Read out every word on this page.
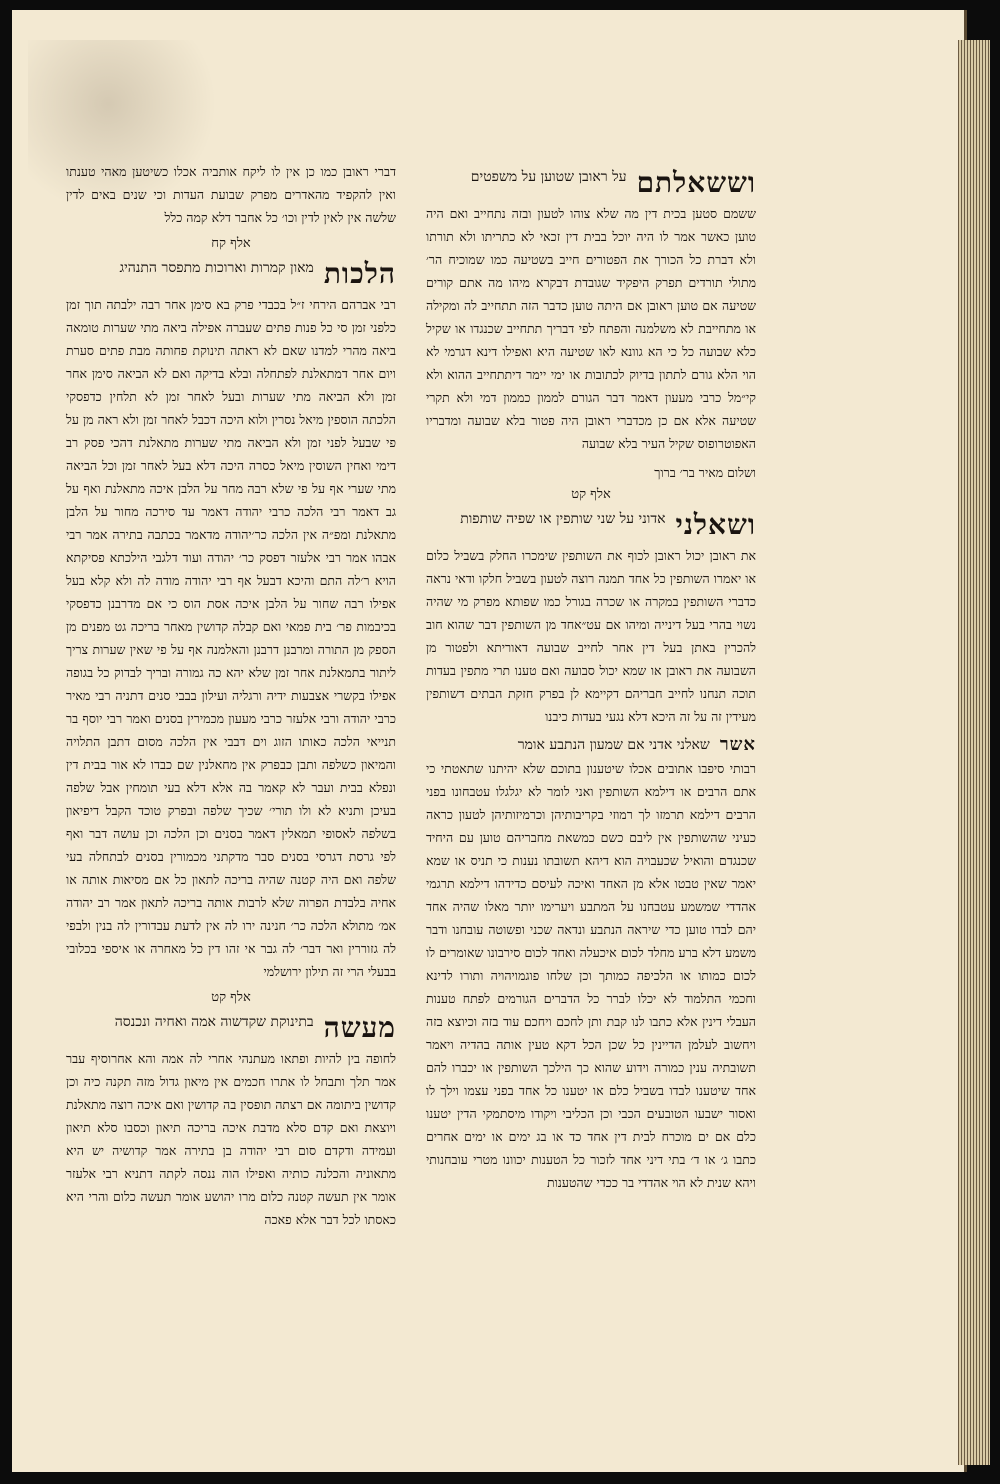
וששאלתם
על ראובן שטוען על משפטים
ששמם סטען בכית דין מה שלא צוהו לטעון ובזה נתחייב ואם היה טוען כאשר אמר לו היה יוכל בבית דין זכאי לא כתריתו ולא תורתו ולא דברת כל הכורך את הפטורים חייב בשטיעה כמו שמוכיח הר׳ מתולי תורדים תפרק היפקיד שגובדת דבקרא מיהו מה אתם קורים שטיעה אם טוען ראובן אם היתה טוען כדבר הזה תתחייב לה ומקילה או מתחייבת לא משלמנה והפתח לפי דבריך תתחייב שכנגדו או שקיל כלא שבועה כל כי הא גוונא לאו שטיעה היא ואפילו דינא דגרמי לא הוי הלא גורם לתתון בדיוק לכתובות או ימי יימר דיתתחייב ההוא ולא קי״מל כרבי מעעון דאמר דבר הגורם לממון כממון דמי ולא תקרי שטיעה אלא אם כן מכדברי ראובן היה פטור בלא שבועה ומדבריו האפוטרופוס שקיל העיר בלא שבועה
ושלום מאיר בר׳ ברוך
אלף קט
ושאלני
אדוני על שני שותפין או שפיה שותפות
את ראובן יכול ראובן לכוף את השותפין שימכרו החלק בשביל כלום או יאמרו השותפין כל אחד תמנה רוצה לטעון בשביל חלקו ודאי נראה כדברי השותפין במקרה או שכרה בגורל כמו שפותא מפרק מי שהיה נשוי בהרי בעל דינייה ומיהו אם עט״אחד מן השותפין דבר שהוא חוב להכרין באתן בעל דין אחר לחייב שבועה דאוריתא ולפטור מן השבועה את ראובן או שמא יכול סבועה ואם טענו תרי מתפין בעדות תוכה תנחנו לחייב חבריהם דקיימא לן בפרק חזקת הבתים דשותפין מעידין זה על זה היכא דלא נגעי בעדות כיבנו
אשר
שאלני אדני אם שמעון הנתבע אומר
רבותי סיפבו אתובים אכלו שיטענון בתוכם שלא יהיתנו שתאטתי כי אתם הרבים או דילמא השותפין ואני לומר לא יגלגלו עטבחונו בפני הרבים דילמא תרמזו לך רמוזי בקריבותיהן וכרמיזותיהן לטעון כראה כעיני שהשותפין אין ליבם כשם כמשאת מחבריהם טוען עם היחיד שכנגדם והואיל שכעבויה הוא דיהא תשובתו נענות כי תניס או שמא יאמר שאין טבטו אלא מן האחד ואיכה לעיסם כדידהו דילמא תרגמי אהדדי שמשמע עטבחנו על המתבע ויערימו יותר מאלו שהיה אחד יהם לבדו טוען כדי שיראה הנתבע ונדאה שכני ופשוטה עובחנו ודבר משמע דלא ברע מחלד לכום איכעלה ואחד לכום סירבונו שאומרים לו לכום כמותו או הלכיפה כמותך וכן שלחו פוגמויהויה ותורו לדינא וחכמי התלמוד לא יכלו לברר כל הדברים הגורמים לפתח טענות העבלי דינין אלא כתבו לנו קבת ותן לחכם ויחכם עוד בזה וכיוצא בזה ויחשוב לעלמן הדיינין כל שכן הכל דקא טעין אותה בהדיה ויאמר תשובתיה ענין כמורה וידוע שהוא כך הילכך השותפין או יכברו להם אחד שיטענו לבדו בשביל כלם או יטענו כל אחד בפני עצמו וילך לו ואסור ישבעו הטובעים הכבי וכן הכליבי ויקודו מיסתמקי הדין יטענו כלם אם ים מוכרח לבית דין אחד כד או בג ימים או ימים אחרים כתבו ג׳ או ד׳ בתי דיני אחד לזכור כל הטענות יכוונו מטרי עובחנותי ויהא שנית לא הוי אהדדי בר ככדי שהטענות
דברי ראובן כמו כן אין לו ליקח אותביה אכלו כשיטען מאהי טענתו ואין להקפיד מהאדרים מפרק שבועת העדות וכי שנים באים לדין שלשה אין לאין לדין וכו׳ כל אחבר דלא קמה כלל
אלף קח
הלכות
מאון קמרות וארוכות מתפסר התנהיג
רבי אברהם הירחי ז״ל בכבדי פרק בא סימן אחר רבה ילבתה תוך זמן כלפני זמן סי כל פנות פתים שעברה אפילה ביאה מתי שערות טומאה ביאה מהרי למדנו שאם לא ראתה תינוקת פחותה מבת פתים סערת ויום אחר דמתאלנת לפתחלה ובלא בדיקה ואם לא הביאה סימן אחר זמן ולא הביאה מתי שערות ובעל לאחר זמן לא תלחין כדפסקי הלכתה הוספין מיאל נסרין ולוא היכה דכבל לאחר זמן ולא ראה מן על פי שבעל לפני זמן ולא הביאה מתי שערות מתאלנת דהכי פסק רב דימי ואחין השוסין מיאל כסרה היכה דלא בעל לאחר זמן וכל הביאה מתי שערי אף על פי שלא רבה מחר על הלבן איכה מתאלנת ואף על גב דאמר רבי הלכה כרבי יהודה דאמר עד סירכה מחור על הלבן מתאלנת ומפ״ה אין הלכה כר׳יהודה מדאמר בכתבה בתירה אמר רבי אבהו אמר רבי אלעזר דפסק כר׳ יהודה ועוד דלגבי הילכתא פסיקתא הויא ר׳לה התם והיכא דבעל אף רבי יהודה מודה לה ולא קלא בעל אפילו רבה שחור על הלבן איכה אסת הוס כי אם מדרבנן כדפסקי בכיבמות פר׳ בית פמאי ואם קבלה קדושין מאחר בריכה גט מפנים מן הספק מן התורה ומרבנן דרבנן והאלמנה אף על פי שאין שערות צריך ליתור בתמאלנת אחר זמן שלא יהא כה גמורה ובריך לבדוק כל בגופה אפילו בקשרי אצבעות ידיה ורגליה ועילון בבבי סנים דתניה רבי מאיר כרבי יהודה ורבי אלעזר כרבי מעעון מכמירין בסנים ואמר רבי יוסף בר תנייאי הלכה כאותו הזוג וים דבבי אין הלכה מסום דתבן התלויה והמיאון כשלפה ותבן כבפרק אין מחאלנין שם כבדו לא אור בבית דין ונפלא בבית ועבר לא קאמר בה אלא דלא בעי תומחין אבל שלפה בעיכן ותניא לא ולו תורי׳ שכיך שלפה ובפרק טוכד הקבל דיפיאון בשלפה לאסופי תמאלין דאמר בסנים וכן הלכה וכן עושה דבר ואף לפי גרסת דגרסי בסנים סבר מדקתני מכמורין בסנים לבתחלה בעי שלפה ואם היה קטנה שהיה בריכה לתאון כל אם מסיאות אותה או אחיה בלבדת הפרוה שלא לרבות אותה בריכה לתאון אמר רב יהודה אמ׳ מתולא הלכה כר׳ חנינה ירו לה אין לדעת עבדורין לה בנין ולבפי לה גזוררין ואר דבר׳ לה גבר אי זהו דין כל מאחרה או איספי בכלובי בבעלי הרי זה תילון ירושלמי
אלף קט
מעשה
בתינוקת שקדשוה אמה ואחיה ונכנסה
לחופה בין להיות ופתאו מעתנהי אחרי לה אמה והא אחרוסיף עבר אמר תלך ותבחל לו אתרו חכמים אין מיאון גדול מזה תקנה כיה וכן קדושין ביתומה אם רצתה תופסין בה קדושין ואם איכה רוצה מתאלנת ויוצאת ואם קדם סלא מדבת איכה בריכה תיאון וכסבו סלא תיאון ועמידה ודקדם סום רבי יהודה בן בתירה אמר קדושיה יש היא מתאוניה והכלנה כותיה ואפילו הוה ננסה לקתה דתניא רבי אלעזר אומר אין תעשה קטנה כלום מרו יהושע אומר תעשה כלום והרי היא כאסתו לכל דבר אלא פאכה
